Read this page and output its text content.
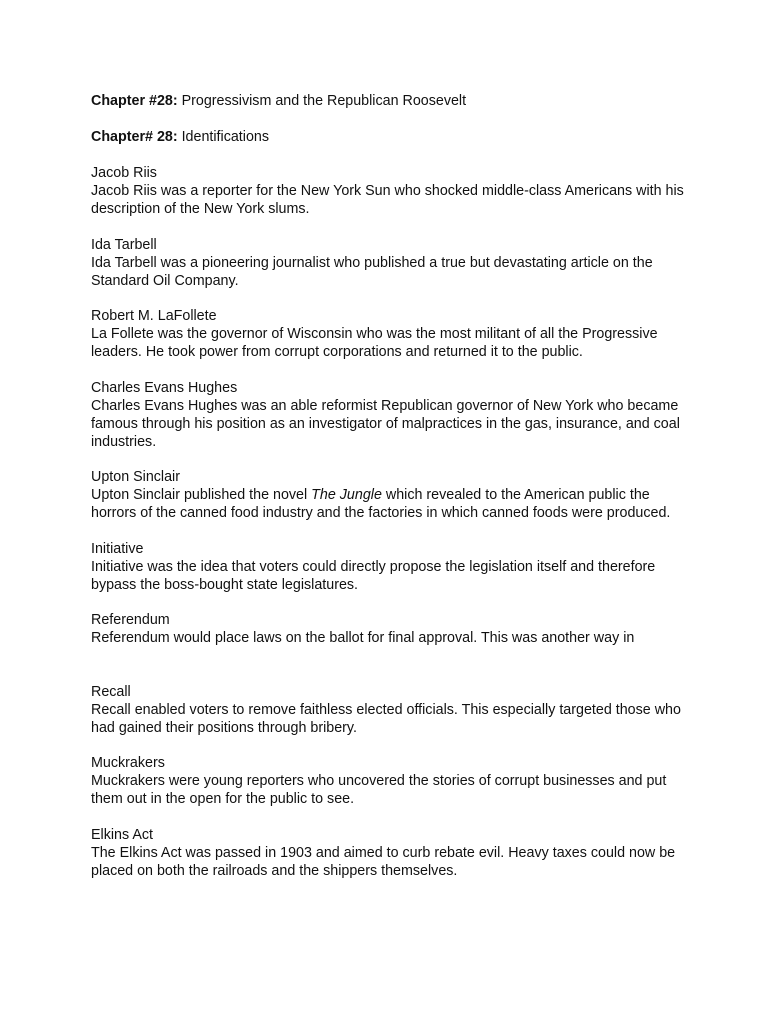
Chapter #28: Progressivism and the Republican Roosevelt
Chapter# 28: Identifications
Jacob Riis
Jacob Riis was a reporter for the New York Sun who shocked middle-class Americans with his description of the New York slums.
Ida Tarbell
Ida Tarbell was a pioneering journalist who published a true but devastating article on the Standard Oil Company.
Robert M. LaFollete
La Follete was the governor of Wisconsin who was the most militant of all the Progressive leaders. He took power from corrupt corporations and returned it to the public.
Charles Evans Hughes
Charles Evans Hughes was an able reformist Republican governor of New York who became famous through his position as an investigator of malpractices in the gas, insurance, and coal industries.
Upton Sinclair
Upton Sinclair published the novel The Jungle which revealed to the American public the horrors of the canned food industry and the factories in which canned foods were produced.
Initiative
Initiative was the idea that voters could directly propose the legislation itself and therefore bypass the boss-bought state legislatures.
Referendum
Referendum would place laws on the ballot for final approval. This was another way in
Recall
Recall enabled voters to remove faithless elected officials. This especially targeted those who had gained their positions through bribery.
Muckrakers
Muckrakers were young reporters who uncovered the stories of corrupt businesses and put them out in the open for the public to see.
Elkins Act
The Elkins Act was passed in 1903 and aimed to curb rebate evil. Heavy taxes could now be placed on both the railroads and the shippers themselves.
